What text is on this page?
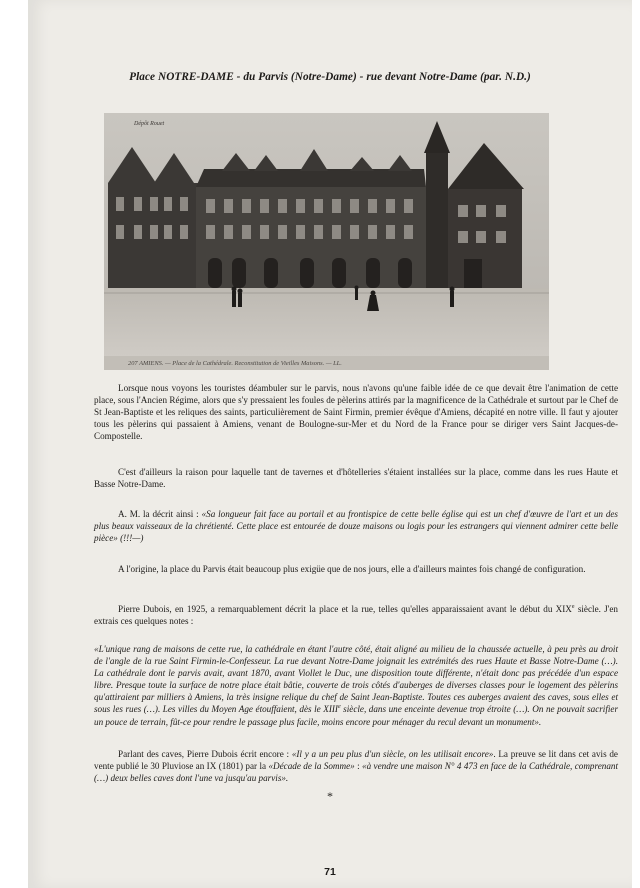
Place NOTRE-DAME - du Parvis (Notre-Dame) - rue devant Notre-Dame (par. N.D.)
207 AMIENS. — Place de la Cathédrale. Reconstitution de Vieilles Maisons. — LL.
Dépôt Rouet

Lorsque nous voyons les touristes déambuler sur le parvis, nous n'avons qu'une faible idée de ce que devait être l'animation de cette place, sous l'Ancien Régime, alors que s'y pressaient les foules de pèlerins attirés par la magnificence de la Cathédrale et surtout par le Chef de St Jean-Baptiste et les reliques des saints, particulièrement de Saint Firmin, premier évêque d'Amiens, décapité en notre ville. Il faut y ajouter tous les pèlerins qui passaient à Amiens, venant de Boulogne-sur-Mer et du Nord de la France pour se diriger vers Saint Jacques-de-Compostelle.

C'est d'ailleurs la raison pour laquelle tant de tavernes et d'hôtelleries s'étaient installées sur la place, comme dans les rues Haute et Basse Notre-Dame.

A. M. la décrit ainsi : «Sa longueur fait face au portail et au frontispice de cette belle église qui est un chef d'œuvre de l'art et un des plus beaux vaisseaux de la chrétienté. Cette place est entourée de douze maisons ou logis pour les estrangers qui viennent admirer cette belle pièce» (!!!—)

A l'origine, la place du Parvis était beaucoup plus exigüe que de nos jours, elle a d'ailleurs maintes fois changé de configuration.

Pierre Dubois, en 1925, a remarquablement décrit la place et la rue, telles qu'elles apparaissaient avant le début du XIXe siècle. J'en extrais ces quelques notes :

«L'unique rang de maisons de cette rue, la cathédrale en étant l'autre côté, était aligné au milieu de la chaussée actuelle, à peu près au droit de l'angle de la rue Saint Firmin-le-Confesseur. La rue devant Notre-Dame joignait les extrémités des rues Haute et Basse Notre-Dame (…). La cathédrale dont le parvis avait, avant 1870, avant Viollet le Duc, une disposition toute différente, n'était donc pas précédée d'un espace libre. Presque toute la surface de notre place était bâtie, couverte de trois côtés d'auberges de diverses classes pour le logement des pèlerins qu'attiraient par milliers à Amiens, la très insigne relique du chef de Saint Jean-Baptiste. Toutes ces auberges avaient des caves, sous elles et sous les rues (…). Les villes du Moyen Age étouffaient, dès le XIIIe siècle, dans une enceinte devenue trop étroite (…). On ne pouvait sacrifier un pouce de terrain, fût-ce pour rendre le passage plus facile, moins encore pour ménager du recul devant un monument».

Parlant des caves, Pierre Dubois écrit encore : «Il y a un peu plus d'un siècle, on les utilisait encore». La preuve se lit dans cet avis de vente publié le 30 Pluviose an IX (1801) par la «Décade de la Somme» : «à vendre une maison N° 4 473 en face de la Cathédrale, comprenant (…) deux belles caves dont l'une va jusqu'au parvis».

*
71
